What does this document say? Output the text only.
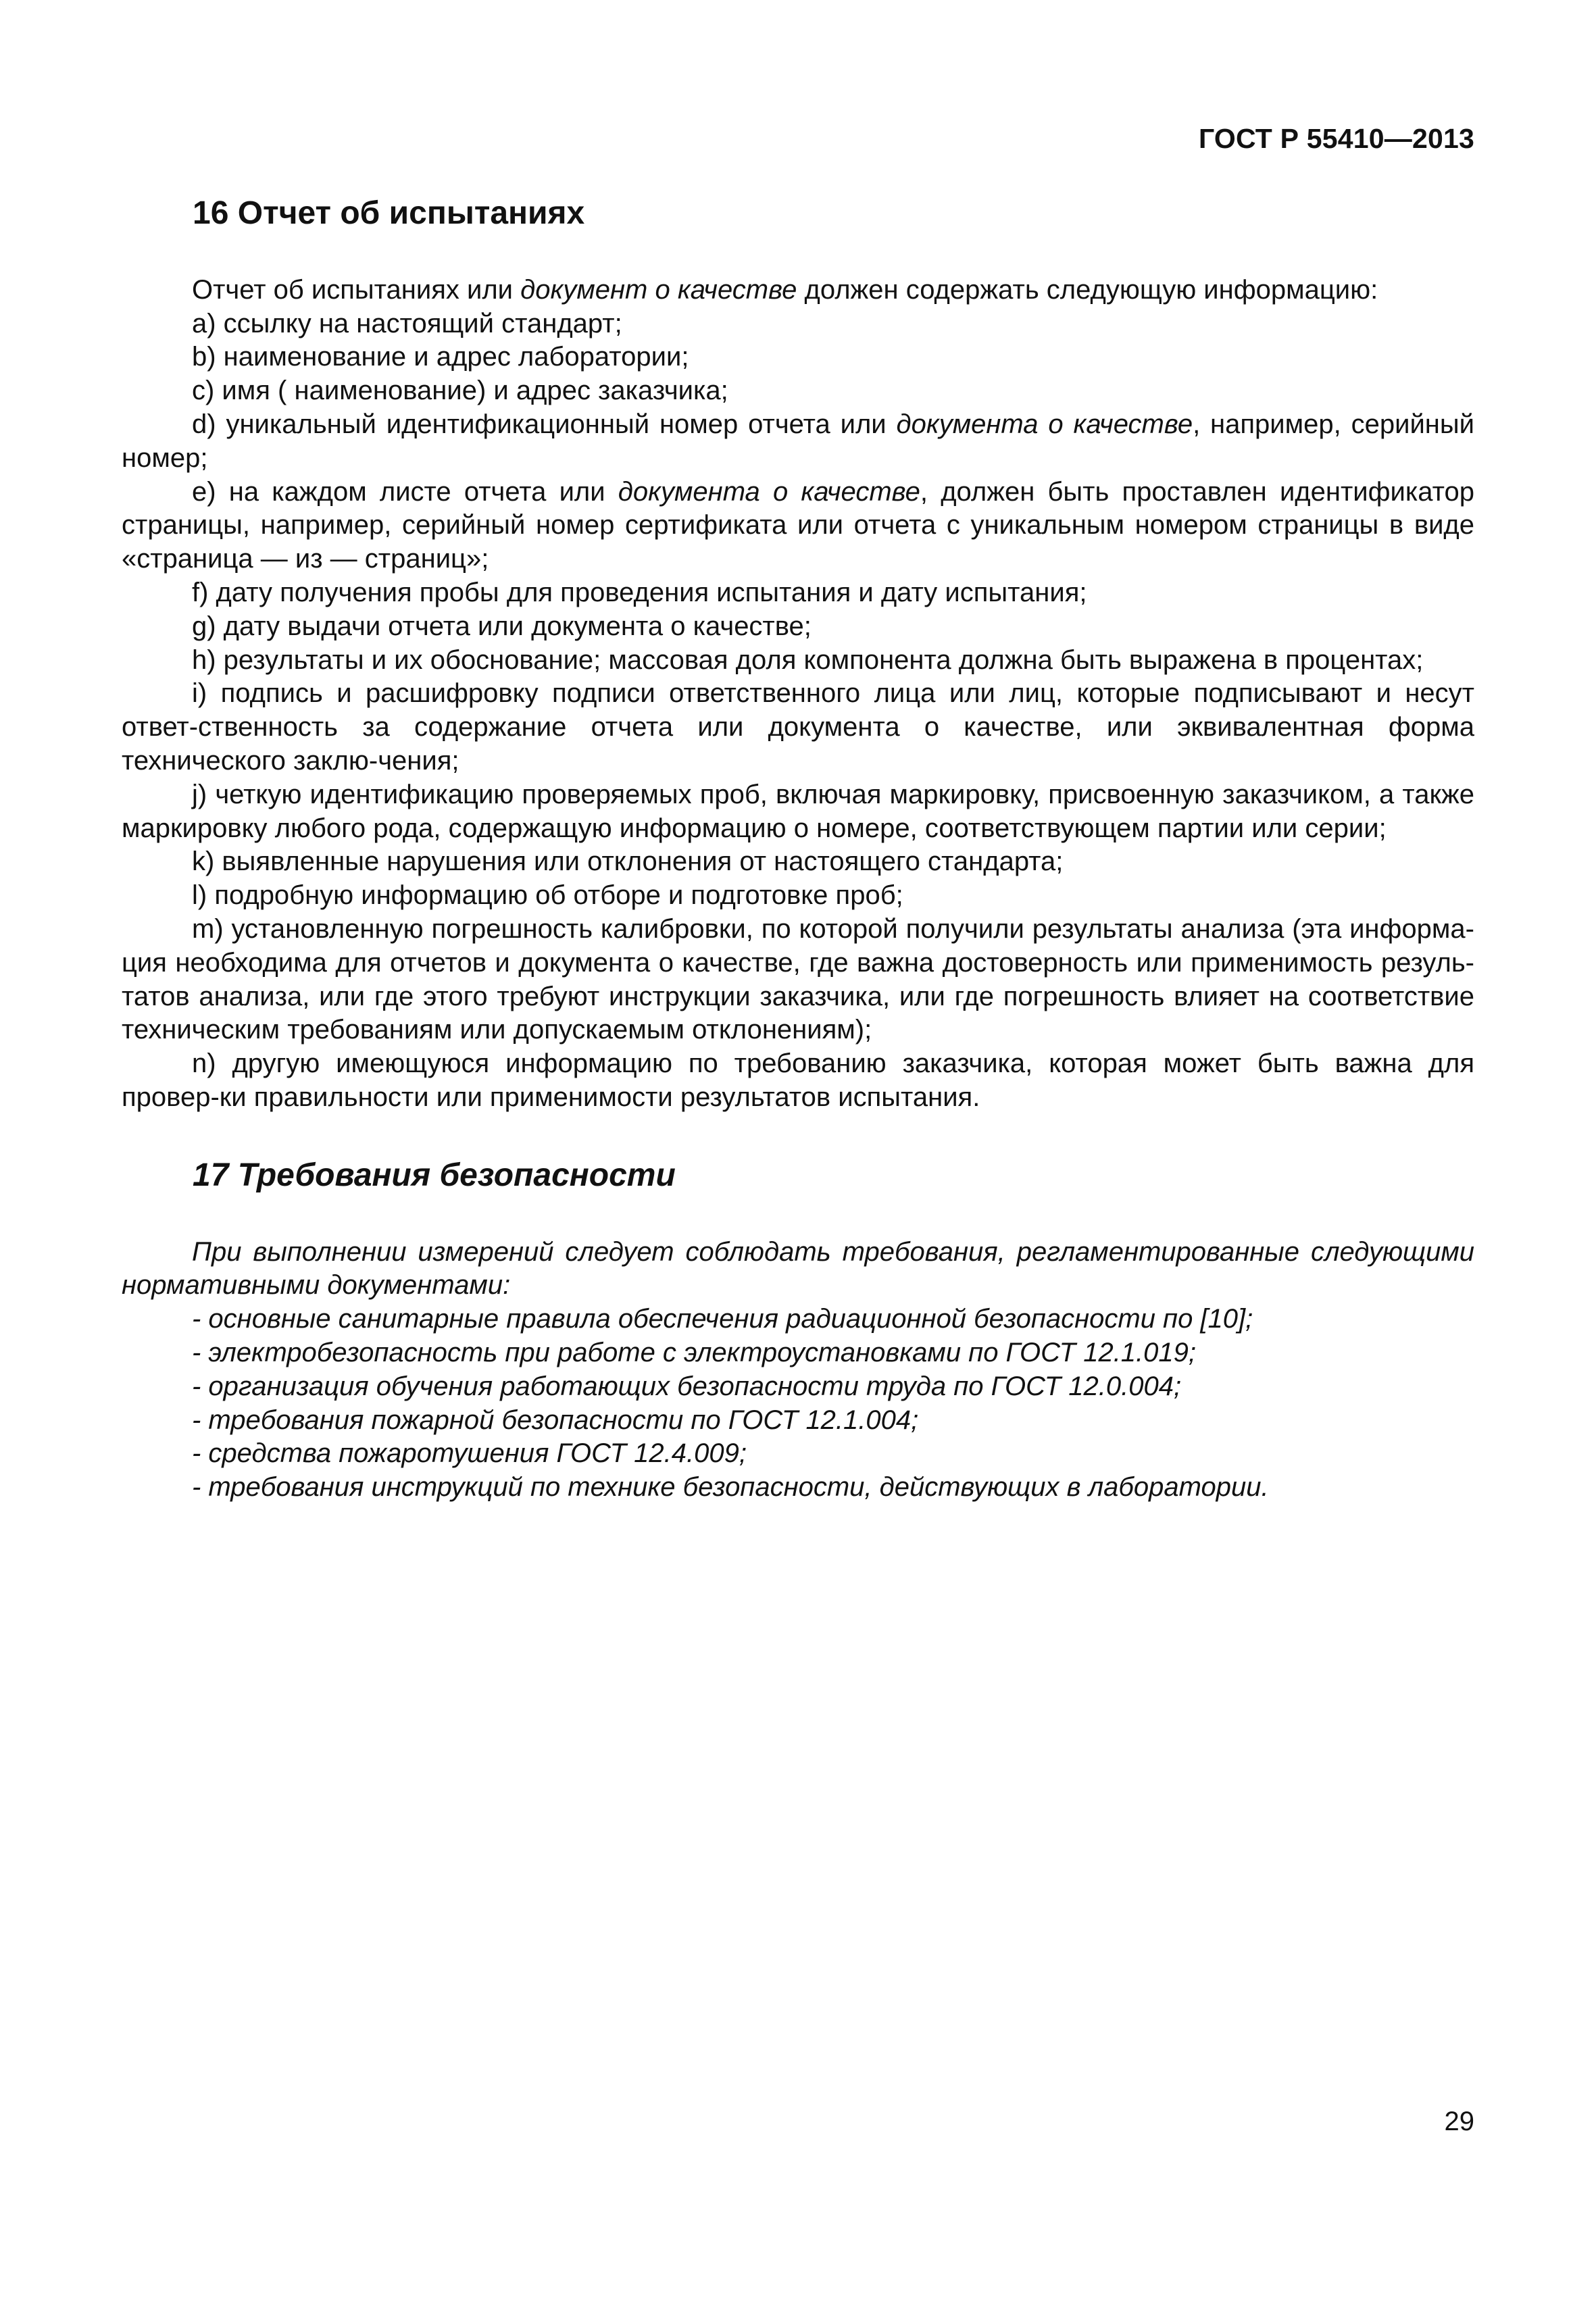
ГОСТ Р 55410—2013
16 Отчет об испытаниях

Отчет об испытаниях или документ о качестве должен содержать следующую информацию:

а) ссылку на настоящий стандарт;

b) наименование и адрес лаборатории;

с) имя ( наименование) и адрес заказчика;

d) уникальный идентификационный номер отчета или документа о качестве, например, серийный номер;

е) на каждом листе отчета или документа о качестве, должен быть проставлен идентификатор страницы, например, серийный номер сертификата или отчета с уникальным номером страницы в виде «страница — из — страниц»;

f) дату получения пробы для проведения испытания и дату испытания;

g) дату выдачи отчета или документа о качестве;

h) результаты и их обоснование; массовая доля компонента должна быть выражена в процентах;

i) подпись и расшифровку подписи ответственного лица или лиц, которые подписывают и несут ответ-ственность за содержание отчета или документа о качестве, или эквивалентная форма технического заклю-чения;

j) четкую идентификацию проверяемых проб, включая маркировку, присвоенную заказчиком, а также маркировку любого рода, содержащую информацию о номере, соответствующем партии или серии;

k) выявленные нарушения или отклонения от настоящего стандарта;

l) подробную информацию об отборе и подготовке проб;

m) установленную погрешность калибровки, по которой получили результаты анализа (эта информа-ция необходима для отчетов и документа о качестве, где важна достоверность или применимость резуль-татов анализа, или где этого требуют инструкции заказчика, или где погрешность влияет на соответствие техническим требованиям или допускаемым отклонениям);

n) другую имеющуюся информацию по требованию заказчика, которая может быть важна для провер-ки правильности или применимости результатов испытания.

17 Требования безопасности

При выполнении измерений следует соблюдать требования, регламентированные следующими нормативными документами:

- основные санитарные правила обеспечения радиационной безопасности по [10];

- электробезопасность при работе с электроустановками по ГОСТ 12.1.019;

- организация обучения работающих безопасности труда по ГОСТ 12.0.004;

- требования пожарной безопасности по ГОСТ 12.1.004;

- средства пожаротушения ГОСТ 12.4.009;

- требования инструкций по технике безопасности, действующих в лаборатории.

29
